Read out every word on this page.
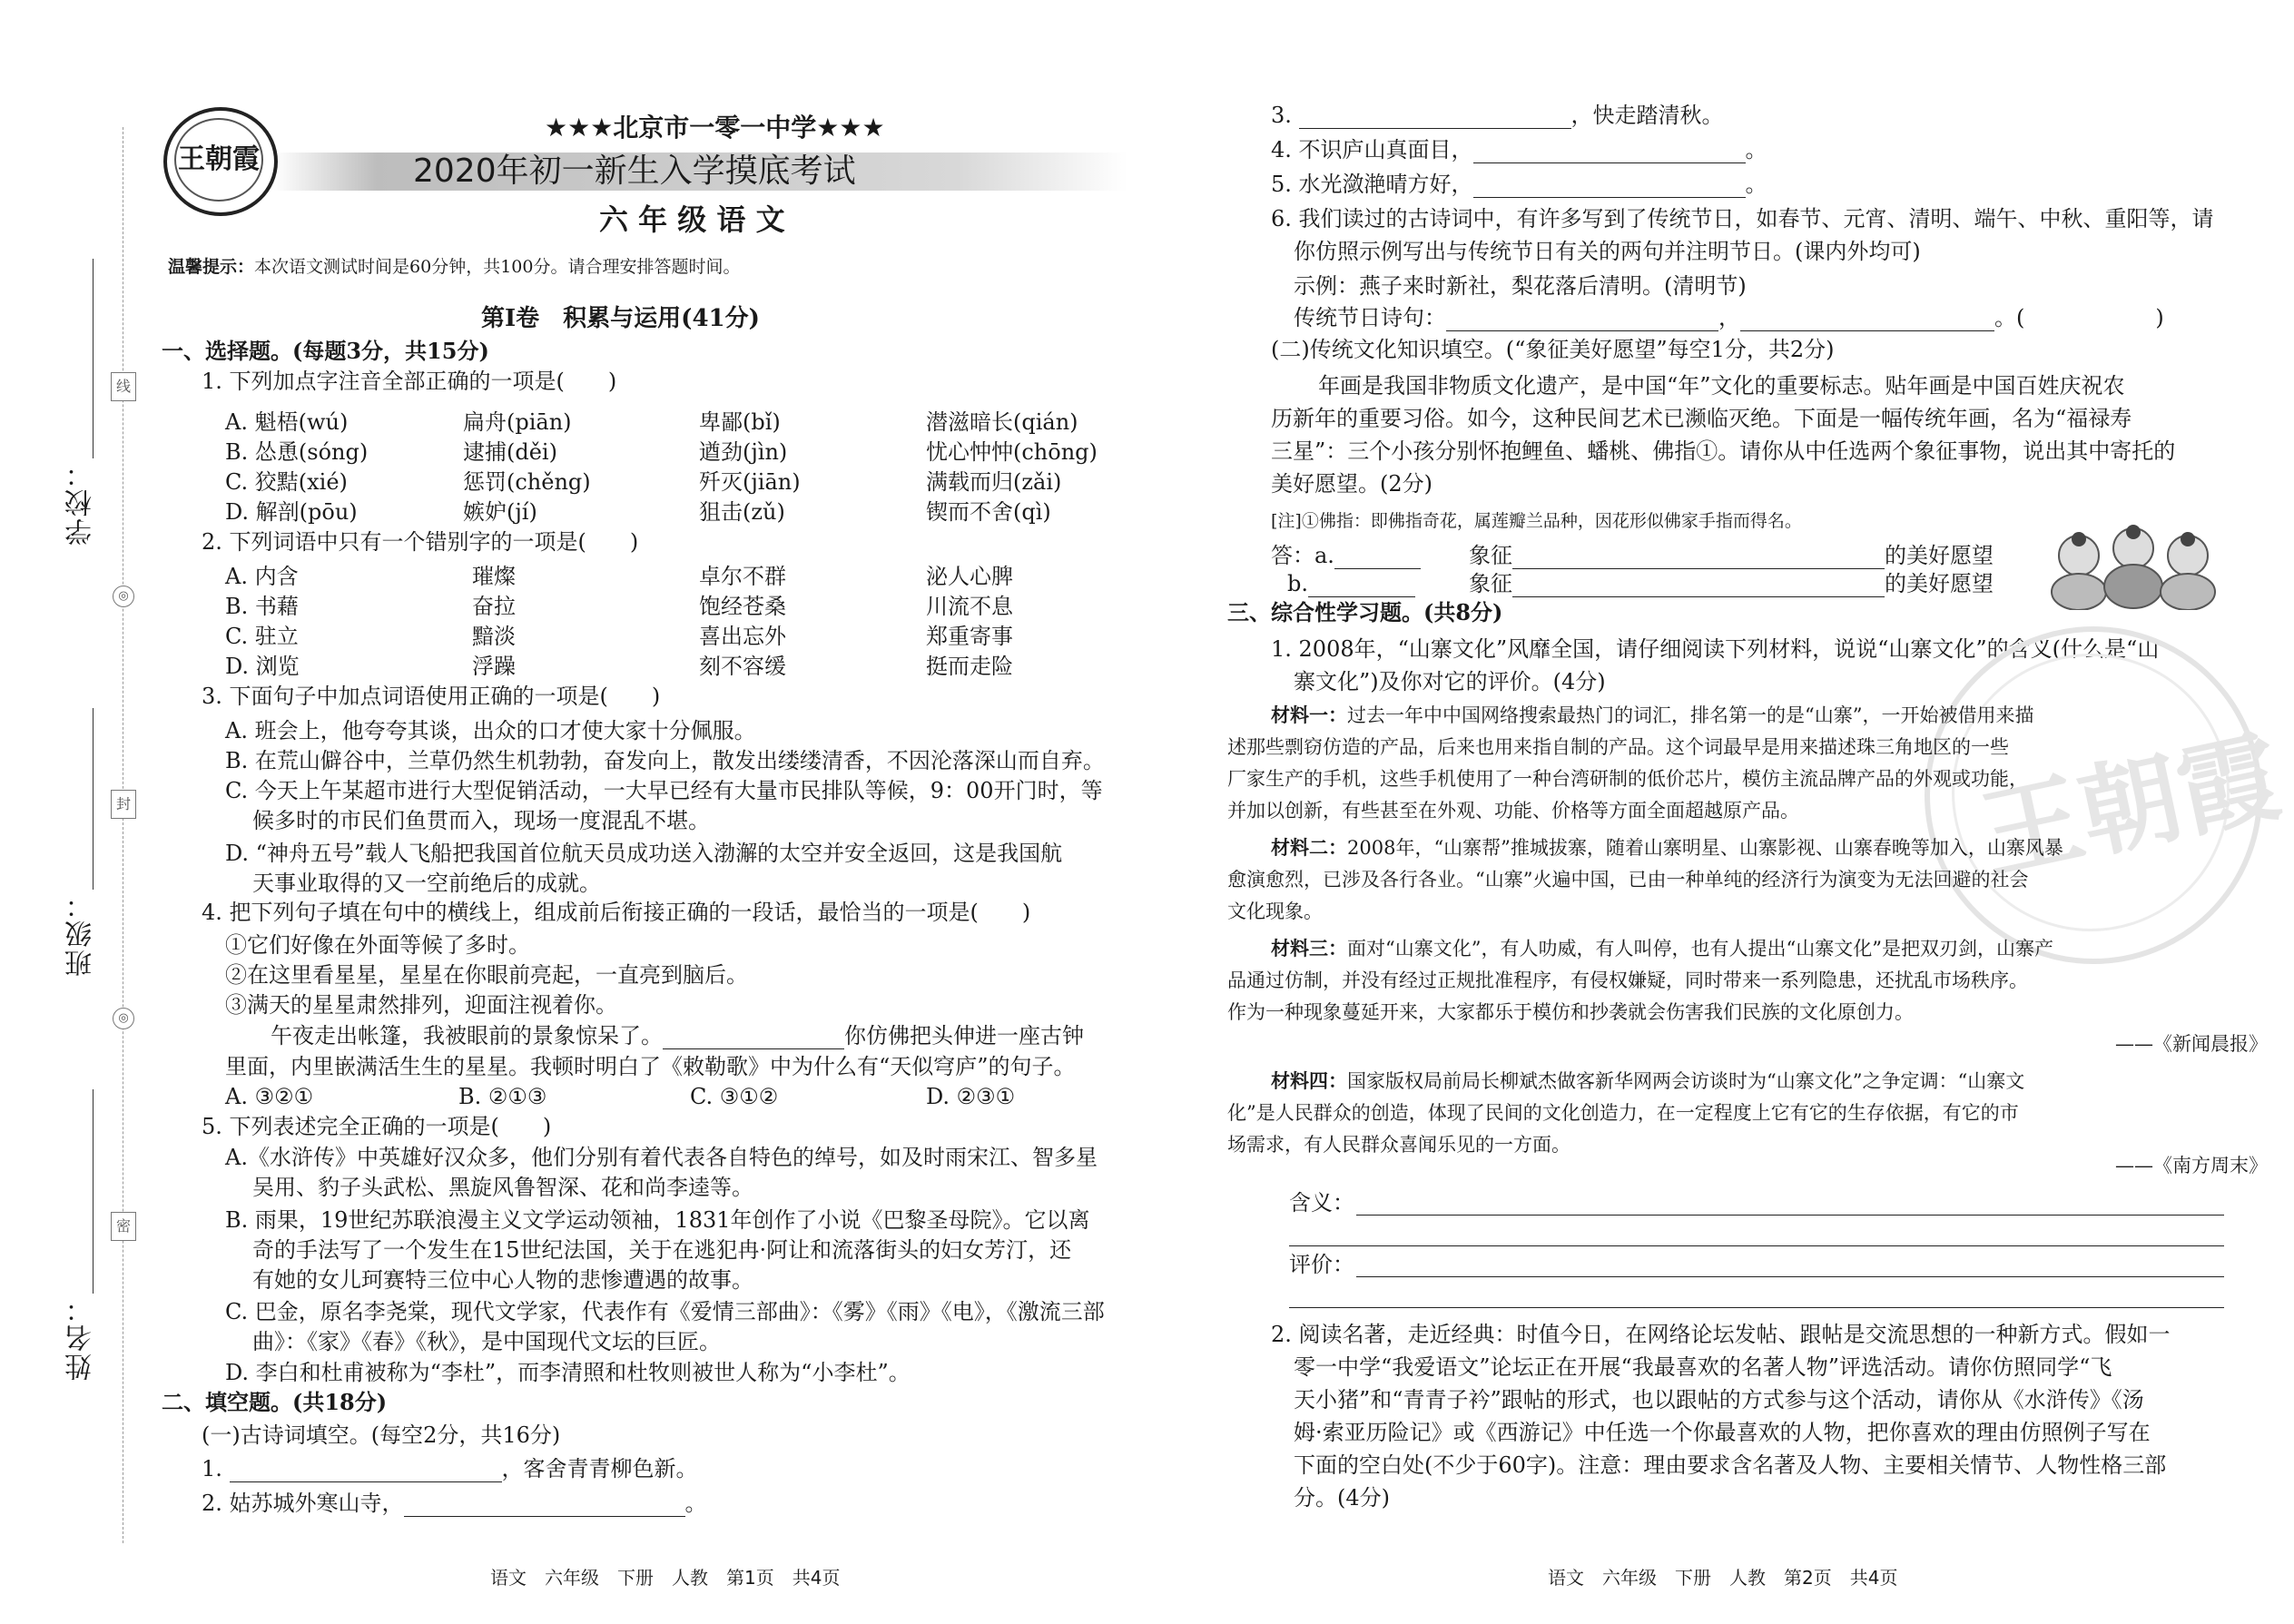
学校：
班级：
姓名：
线
◎
封
◎
密
王朝霞
★★★北京市一零一中学★★★
2020年初一新生入学摸底考试
六 年 级 语 文
温馨提示：本次语文测试时间是60分钟，共100分。请合理安排答题时间。
第Ⅰ卷　积累与运用(41分)
一、选择题。(每题3分，共15分)
1. 下列加点字注音全部正确的一项是(　　)
A. 魁梧(wú)	扁舟(piān)	卑鄙(bǐ)	潜滋暗长(qián)
B. 怂恿(sóng)	逮捕(děi)	遒劲(jìn)	忧心忡忡(chōng)
C. 狡黠(xié)	惩罚(chěng)	歼灭(jiān)	满载而归(zǎi)
D. 解剖(pōu)	嫉妒(jí)	狙击(zǔ)	锲而不舍(qì)
2. 下列词语中只有一个错别字的一项是(　　)
A. 内含	璀燦	卓尔不群	泌人心脾
B. 书藉	奋拉	饱经苍桑	川流不息
C. 驻立	黯淡	喜出忘外	郑重寄事
D. 浏览	浮躁	刻不容缓	挺而走险
3. 下面句子中加点词语使用正确的一项是(　　)
A. 班会上，他夸夸其谈，出众的口才使大家十分佩服。
B. 在荒山僻谷中，兰草仍然生机勃勃，奋发向上，散发出缕缕清香，不因沦落深山而自弃。
C. 今天上午某超市进行大型促销活动，一大早已经有大量市民排队等候，9：00开门时，等
候多时的市民们鱼贯而入，现场一度混乱不堪。
D. “神舟五号”载人飞船把我国首位航天员成功送入渤澥的太空并安全返回，这是我国航
天事业取得的又一空前绝后的成就。
4. 把下列句子填在句中的横线上，组成前后衔接正确的一段话，最恰当的一项是(　　)
①它们好像在外面等候了多时。
②在这里看星星，星星在你眼前亮起，一直亮到脑后。
③满天的星星肃然排列，迎面注视着你。
午夜走出帐篷，我被眼前的景象惊呆了。	你仿佛把头伸进一座古钟
里面，内里嵌满活生生的星星。我顿时明白了《敕勒歌》中为什么有“天似穹庐”的句子。
A. ③②①	B. ②①③	C. ③①②	D. ②③①
5. 下列表述完全正确的一项是(　　)
A.《水浒传》中英雄好汉众多，他们分别有着代表各自特色的绰号，如及时雨宋江、智多星
吴用、豹子头武松、黑旋风鲁智深、花和尚李逵等。
B. 雨果，19世纪苏联浪漫主义文学运动领袖，1831年创作了小说《巴黎圣母院》。它以离
奇的手法写了一个发生在15世纪法国，关于在逃犯冉·阿让和流落街头的妇女芳汀，还
有她的女儿珂赛特三位中心人物的悲惨遭遇的故事。
C. 巴金，原名李尧棠，现代文学家，代表作有《爱情三部曲》：《雾》《雨》《电》，《激流三部
曲》：《家》《春》《秋》，是中国现代文坛的巨匠。
D. 李白和杜甫被称为“李杜”，而李清照和杜牧则被世人称为“小李杜”。
二、填空题。(共18分)
(一)古诗词填空。(每空2分，共16分)
1.	，客舍青青柳色新。
2. 姑苏城外寒山寺，	。
语文　六年级　下册　人教　第1页　共4页
3.	，快走踏清秋。
4. 不识庐山真面目，	。
5. 水光潋滟晴方好，	。
6. 我们读过的古诗词中，有许多写到了传统节日，如春节、元宵、清明、端午、中秋、重阳等，请
你仿照示例写出与传统节日有关的两句并注明节日。(课内外均可)
示例：燕子来时新社，梨花落后清明。(清明节)
传统节日诗句：	，	。(　　　　　　)
(二)传统文化知识填空。(“象征美好愿望”每空1分，共2分)
年画是我国非物质文化遗产，是中国“年”文化的重要标志。贴年画是中国百姓庆祝农
历新年的重要习俗。如今，这种民间艺术已濒临灭绝。下面是一幅传统年画，名为“福禄寿
三星”：三个小孩分别怀抱鲤鱼、蟠桃、佛指①。请你从中任选两个象征事物，说出其中寄托的
美好愿望。(2分)
[注]①佛指：即佛指奇花，属莲瓣兰品种，因花形似佛家手指而得名。
答：a.	象征	的美好愿望
b.	象征	的美好愿望
三、综合性学习题。(共8分)
1. 2008年，“山寨文化”风靡全国，请仔细阅读下列材料，说说“山寨文化”的含义(什么是“山
寨文化”)及你对它的评价。(4分)
王朝霞
材料一：过去一年中中国网络搜索最热门的词汇，排名第一的是“山寨”，一开始被借用来描
述那些剽窃仿造的产品，后来也用来指自制的产品。这个词最早是用来描述珠三角地区的一些
厂家生产的手机，这些手机使用了一种台湾研制的低价芯片，模仿主流品牌产品的外观或功能，
并加以创新，有些甚至在外观、功能、价格等方面全面超越原产品。
材料二：2008年，“山寨帮”推城拔寨，随着山寨明星、山寨影视、山寨春晚等加入，山寨风暴
愈演愈烈，已涉及各行各业。“山寨”火遍中国，已由一种单纯的经济行为演变为无法回避的社会
文化现象。
材料三：面对“山寨文化”，有人叻威，有人叫停，也有人提出“山寨文化”是把双刃剑，山寨产
品通过仿制，并没有经过正规批准程序，有侵权嫌疑，同时带来一系列隐患，还扰乱市场秩序。
作为一种现象蔓延开来，大家都乐于模仿和抄袭就会伤害我们民族的文化原创力。
——《新闻晨报》
材料四：国家版权局前局长柳斌杰做客新华网两会访谈时为“山寨文化”之争定调：“山寨文
化”是人民群众的创造，体现了民间的文化创造力，在一定程度上它有它的生存依据，有它的市
场需求，有人民群众喜闻乐见的一方面。
——《南方周末》
含义：
评价：
2. 阅读名著，走近经典：时值今日，在网络论坛发帖、跟帖是交流思想的一种新方式。假如一
零一中学“我爱语文”论坛正在开展“我最喜欢的名著人物”评选活动。请你仿照同学“飞
天小猪”和“青青子衿”跟帖的形式，也以跟帖的方式参与这个活动，请你从《水浒传》《汤
姆·索亚历险记》或《西游记》中任选一个你最喜欢的人物，把你喜欢的理由仿照例子写在
下面的空白处(不少于60字)。注意：理由要求含名著及人物、主要相关情节、人物性格三部
分。(4分)
语文　六年级　下册　人教　第2页　共4页
